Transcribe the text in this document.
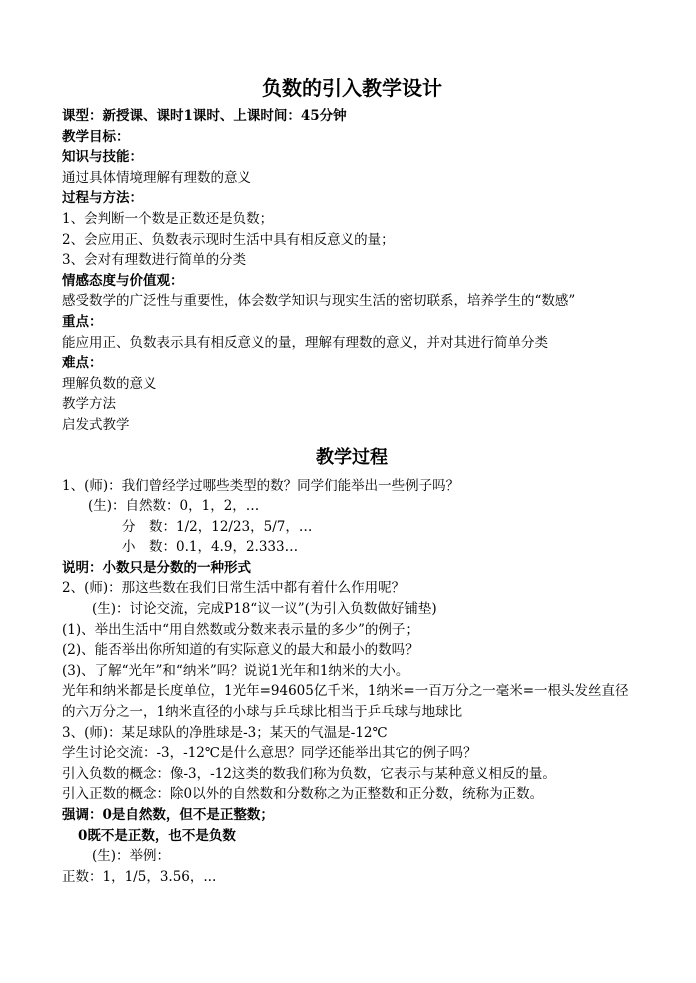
负数的引入教学设计
课型：新授课、课时1课时、上课时间：45分钟
教学目标：
知识与技能：
通过具体情境理解有理数的意义
过程与方法：
1、会判断一个数是正数还是负数；
2、会应用正、负数表示现时生活中具有相反意义的量；
3、会对有理数进行简单的分类
情感态度与价值观：
感受数学的广泛性与重要性，体会数学知识与现实生活的密切联系，培养学生的“数感”
重点：
能应用正、负数表示具有相反意义的量，理解有理数的意义，并对其进行简单分类
难点：
理解负数的意义
教学方法
启发式教学
教学过程
1、(师)：我们曾经学过哪些类型的数？同学们能举出一些例子吗？
(生)：自然数：0，1，2，…
分　数：1/2，12/23，5/7，…
小　数：0.1，4.9，2.333…
说明：小数只是分数的一种形式
2、(师)：那这些数在我们日常生活中都有着什么作用呢？
(生)：讨论交流，完成P18“议一议”(为引入负数做好铺垫)
(1)、举出生活中“用自然数或分数来表示量的多少”的例子；
(2)、能否举出你所知道的有实际意义的最大和最小的数吗？
(3)、了解“光年”和“纳米”吗？说说1光年和1纳米的大小。
光年和纳米都是长度单位，1光年=94605亿千米，1纳米=一百万分之一毫米=一根头发丝直径的六万分之一，1纳米直径的小球与乒乓球比相当于乒乓球与地球比
3、(师)：某足球队的净胜球是-3；某天的气温是-12℃
学生讨论交流：-3，-12℃是什么意思？同学还能举出其它的例子吗？
引入负数的概念：像-3，-12这类的数我们称为负数，它表示与某种意义相反的量。
引入正数的概念：除0以外的自然数和分数称之为正整数和正分数，统称为正数。
强调：0是自然数，但不是正整数；
0既不是正数，也不是负数
(生)：举例：
正数：1，1/5，3.56，...
